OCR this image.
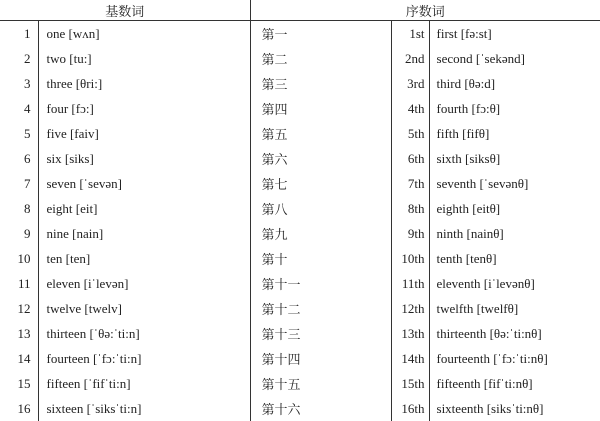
基数词		序数词		
1	one [wʌn]	第一	1st	first [fə:st]
2	two [tu:]	第二	2nd	second [ˈsekənd]
3	three [θri:]	第三	3rd	third [θə:d]
4	four [fɔ:]	第四	4th	fourth [fɔ:θ]
5	five [faiv]	第五	5th	fifth [fifθ]
6	six [siks]	第六	6th	sixth [siksθ]
7	seven [ˈsevən]	第七	7th	seventh [ˈsevənθ]
8	eight [eit]	第八	8th	eighth [eitθ]
9	nine [nain]	第九	9th	ninth [nainθ]
10	ten [ten]	第十	10th	tenth [tenθ]
11	eleven [iˈlevən]	第十一	11th	eleventh [iˈlevənθ]
12	twelve [twelv]	第十二	12th	twelfth [twelfθ]
13	thirteen [ˈθə:ˈti:n]	第十三	13th	thirteenth [θə:ˈti:nθ]
14	fourteen [ˈfɔ:ˈti:n]	第十四	14th	fourteenth [ˈfɔ:ˈti:nθ]
15	fifteen [ˈfifˈti:n]	第十五	15th	fifteenth [fifˈti:nθ]
16	sixteen [ˈsiksˈti:n]	第十六	16th	sixteenth [siksˈti:nθ]
